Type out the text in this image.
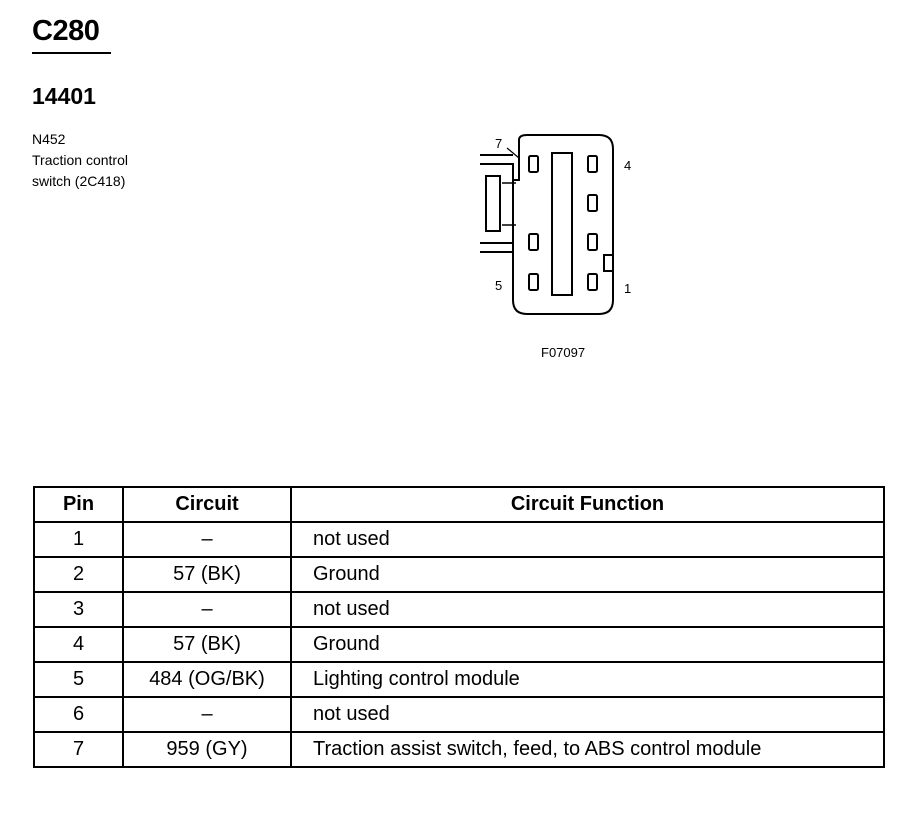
C280
14401
N452
Traction control
switch (2C418)
7
4
5	1
F07097
Pin	Circuit	Circuit Function
1	–	not used
2	57 (BK)	Ground
3	–	not used
4	57 (BK)	Ground
5	484 (OG/BK)	Lighting control module
6	–	not used
7	959 (GY)	Traction assist switch, feed, to ABS control module
